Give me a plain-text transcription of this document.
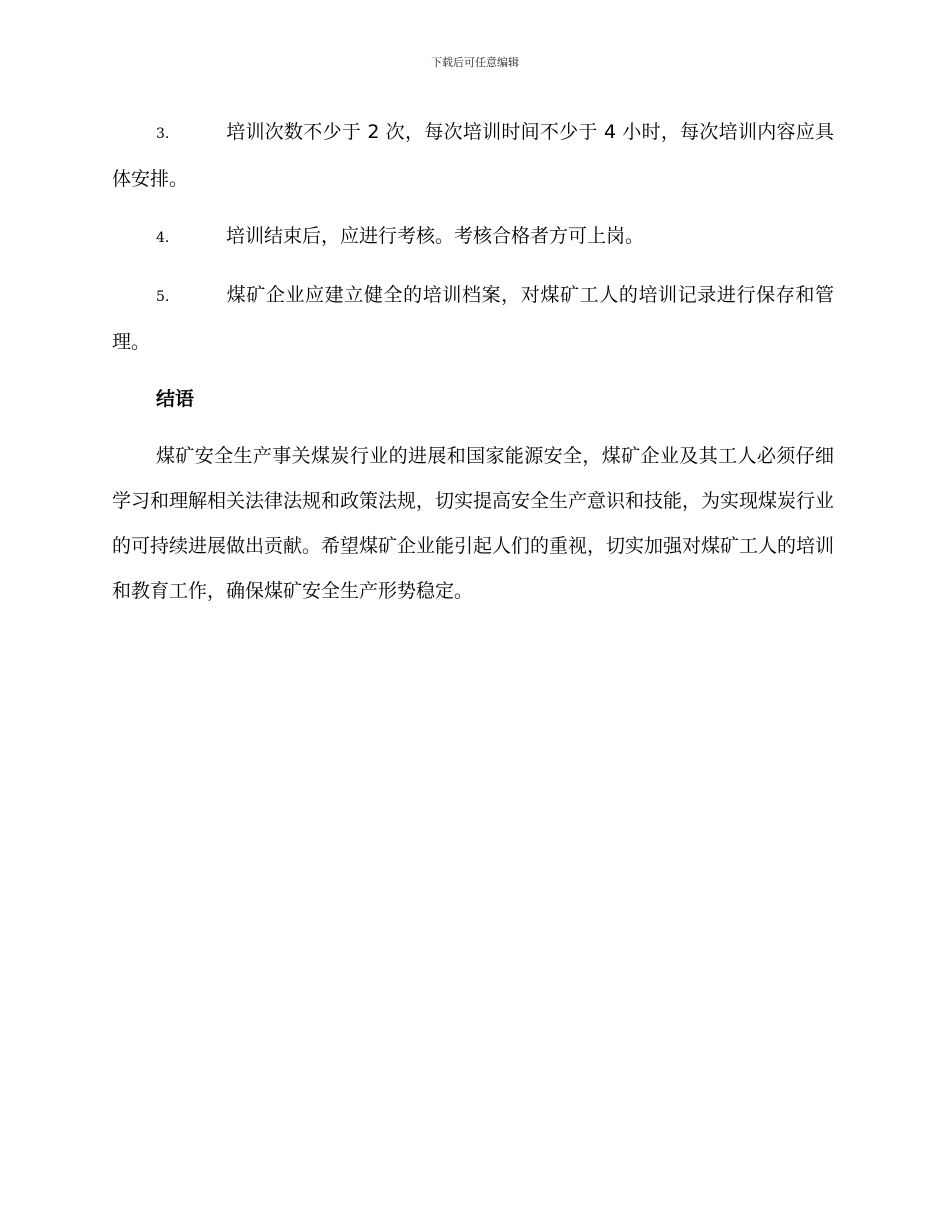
下载后可任意编辑

3.	培训次数不少于 2 次，每次培训时间不少于 4 小时，每次培训内容应具体安排。

4.	培训结束后，应进行考核。考核合格者方可上岗。

5.	煤矿企业应建立健全的培训档案，对煤矿工人的培训记录进行保存和管理。

结语

煤矿安全生产事关煤炭行业的进展和国家能源安全，煤矿企业及其工人必须仔细学习和理解相关法律法规和政策法规，切实提高安全生产意识和技能，为实现煤炭行业的可持续进展做出贡献。希望煤矿企业能引起人们的重视，切实加强对煤矿工人的培训和教育工作，确保煤矿安全生产形势稳定。
